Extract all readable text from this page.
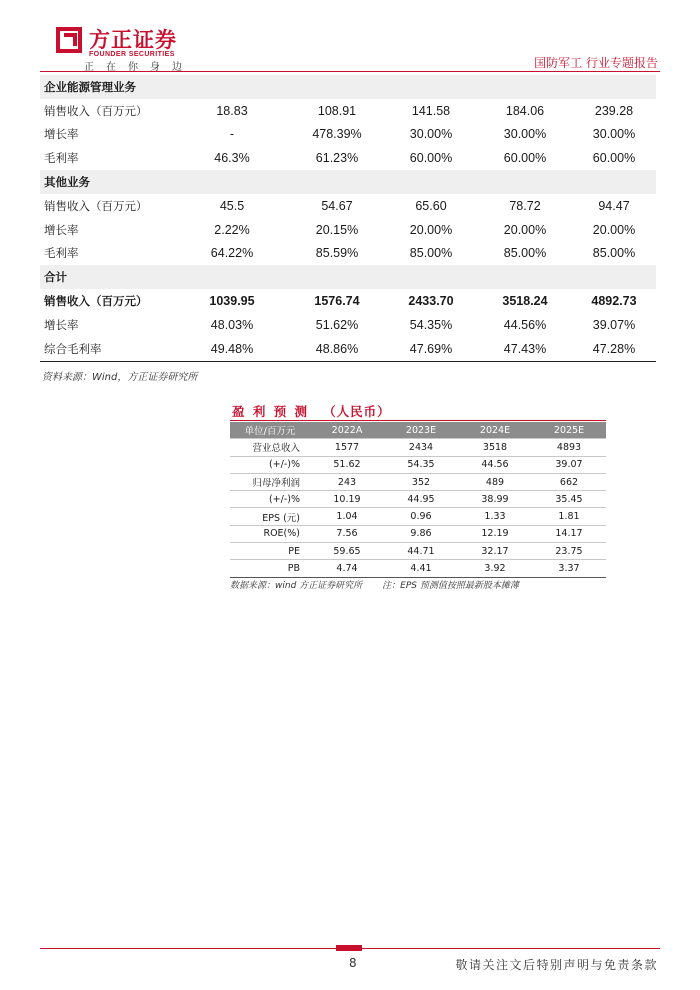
方正证券
FOUNDER SECURITIES
正在你身边	国防军工 行业专题报告
企业能源管理业务					
销售收入（百万元）	18.83	108.91	141.58	184.06	239.28
增长率	-	478.39%	30.00%	30.00%	30.00%
毛利率	46.3%	61.23%	60.00%	60.00%	60.00%
其他业务					
销售收入（百万元）	45.5	54.67	65.60	78.72	94.47
增长率	2.22%	20.15%	20.00%	20.00%	20.00%
毛利率	64.22%	85.59%	85.00%	85.00%	85.00%
合计					
销售收入（百万元）	1039.95	1576.74	2433.70	3518.24	4892.73
增长率	48.03%	51.62%	54.35%	44.56%	39.07%
综合毛利率	49.48%	48.86%	47.69%	47.43%	47.28%
资料来源：Wind，方正证券研究所
盈 利 预 测 （人民币）
单位/百万元	2022A	2023E	2024E	2025E
营业总收入	1577	2434	3518	4893
(+/-)%	51.62	54.35	44.56	39.07
归母净利润	243	352	489	662
(+/-)%	10.19	44.95	38.99	35.45
EPS (元)	1.04	0.96	1.33	1.81
ROE(%)	7.56	9.86	12.19	14.17
PE	59.65	44.71	32.17	23.75
PB	4.74	4.41	3.92	3.37
数据来源：wind 方正证券研究所 注：EPS 预测值按照最新股本摊薄
8	敬请关注文后特别声明与免责条款
